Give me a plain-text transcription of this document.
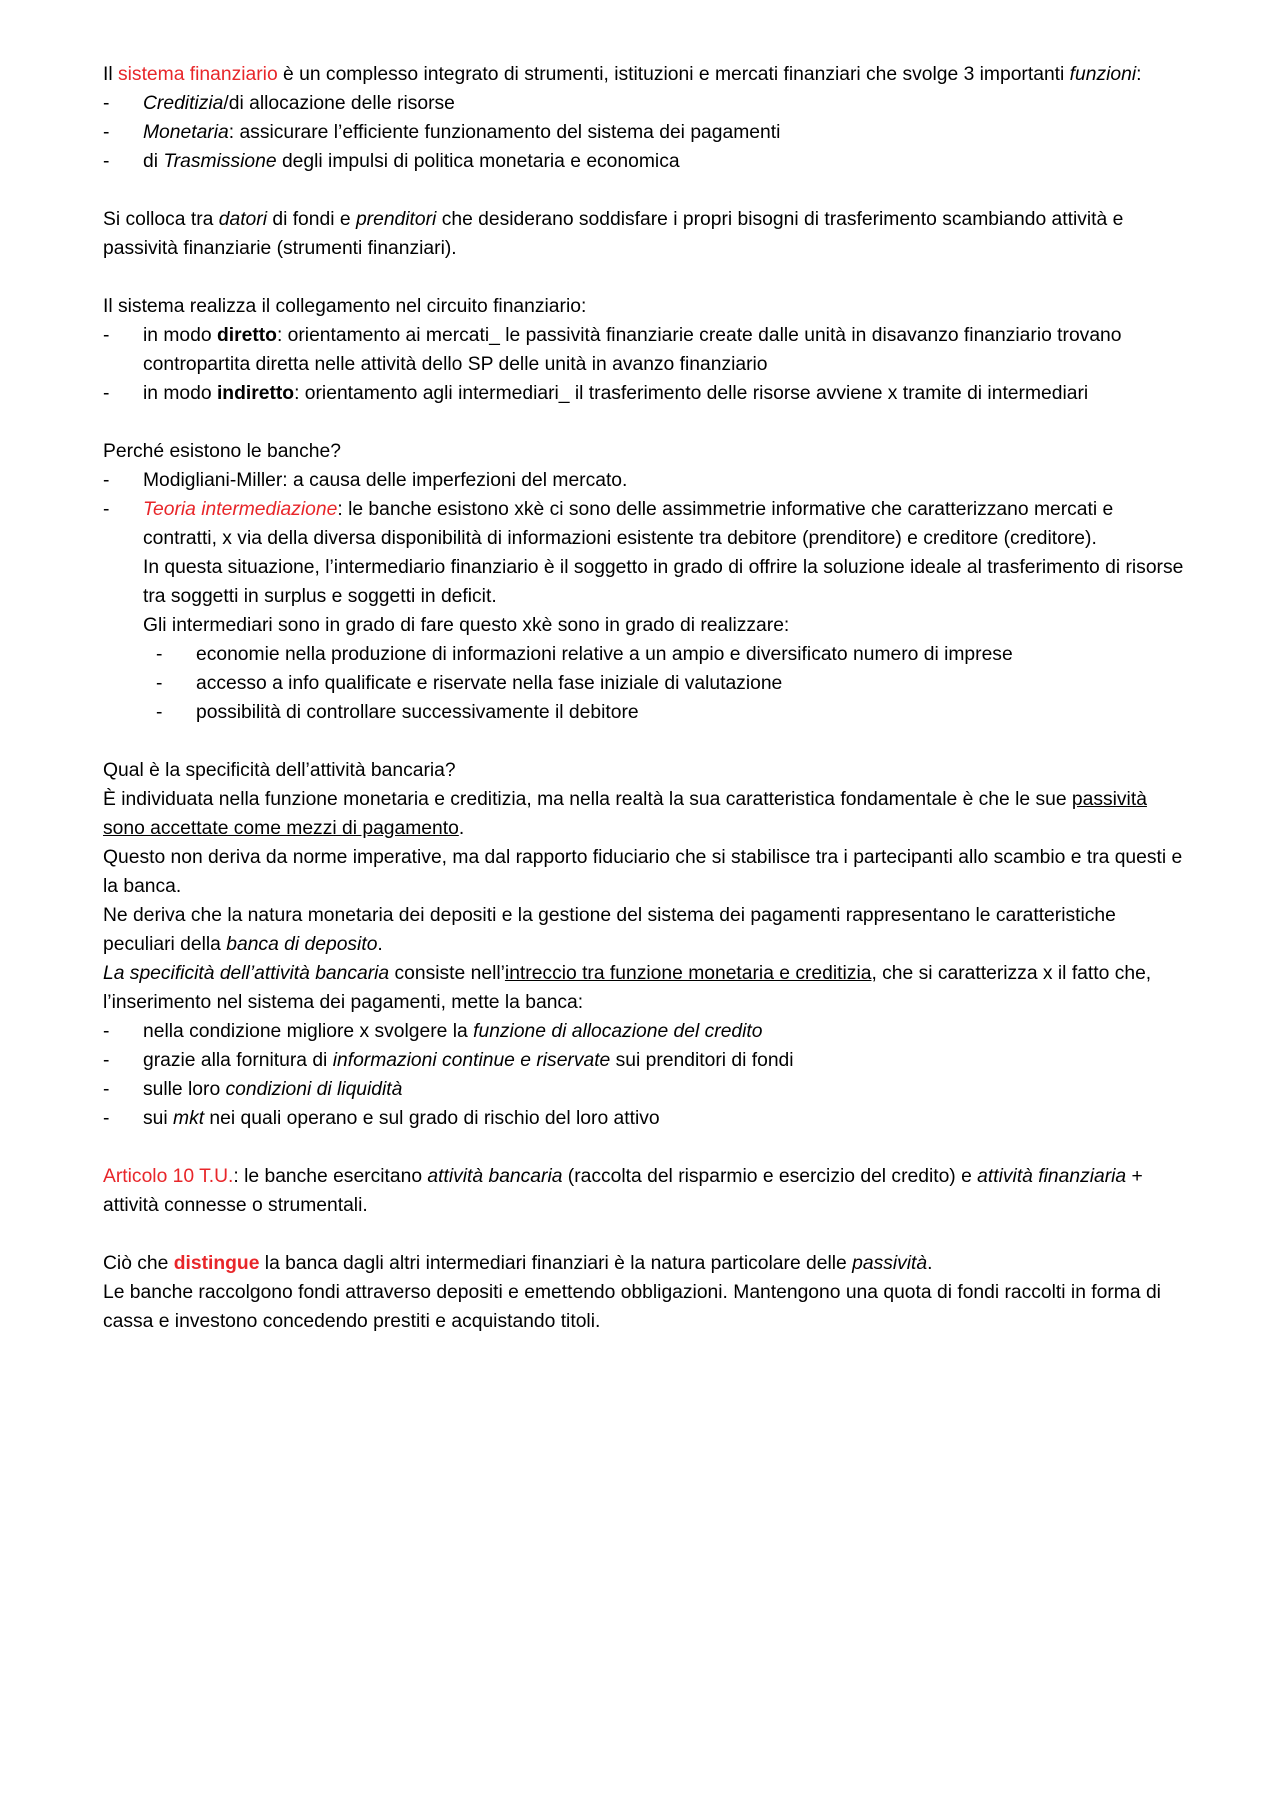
Il sistema finanziario è un complesso integrato di strumenti, istituzioni e mercati finanziari che svolge 3 importanti funzioni:

- Creditizia/di allocazione delle risorse
- Monetaria: assicurare l’efficiente funzionamento del sistema dei pagamenti
- di Trasmissione degli impulsi di politica monetaria e economica

Si colloca tra datori di fondi e prenditori che desiderano soddisfare i propri bisogni di trasferimento scambiando attività e passività finanziarie (strumenti finanziari).

Il sistema realizza il collegamento nel circuito finanziario:

- in modo diretto: orientamento ai mercati_ le passività finanziarie create dalle unità in disavanzo finanziario trovano contropartita diretta nelle attività dello SP delle unità in avanzo finanziario
- in modo indiretto: orientamento agli intermediari_ il trasferimento delle risorse avviene x tramite di intermediari

Perché esistono le banche?

- Modigliani-Miller: a causa delle imperfezioni del mercato.

- Teoria intermediazione: le banche esistono xkè ci sono delle assimmetrie informative che caratterizzano mercati e contratti, x via della diversa disponibilità di informazioni esistente tra debitore (prenditore) e creditore (creditore).

In questa situazione, l’intermediario finanziario è il soggetto in grado di offrire la soluzione ideale al trasferimento di risorse tra soggetti in surplus e soggetti in deficit.

Gli intermediari sono in grado di fare questo xkè sono in grado di realizzare:

- economie nella produzione di informazioni relative a un ampio e diversificato numero di imprese
- accesso a info qualificate e riservate nella fase iniziale di valutazione
- possibilità di controllare successivamente il debitore

Qual è la specificità dell’attività bancaria?

È individuata nella funzione monetaria e creditizia, ma nella realtà la sua caratteristica fondamentale è che le sue passività sono accettate come mezzi di pagamento.

Questo non deriva da norme imperative, ma dal rapporto fiduciario che si stabilisce tra i partecipanti allo scambio e tra questi e la banca.

Ne deriva che la natura monetaria dei depositi e la gestione del sistema dei pagamenti rappresentano le caratteristiche peculiari della banca di deposito.

La specificità dell’attività bancaria consiste nell’intreccio tra funzione monetaria e creditizia, che si caratterizza x il fatto che, l’inserimento nel sistema dei pagamenti, mette la banca:

- nella condizione migliore x svolgere la funzione di allocazione del credito
- grazie alla fornitura di informazioni continue e riservate sui prenditori di fondi
- sulle loro condizioni di liquidità
- sui mkt nei quali operano e sul grado di rischio del loro attivo

Articolo 10 T.U.: le banche esercitano attività bancaria (raccolta del risparmio e esercizio del credito) e attività finanziaria + attività connesse o strumentali.

Ciò che distingue la banca dagli altri intermediari finanziari è la natura particolare delle passività.

Le banche raccolgono fondi attraverso depositi e emettendo obbligazioni. Mantengono una quota di fondi raccolti in forma di cassa e investono concedendo prestiti e acquistando titoli.
